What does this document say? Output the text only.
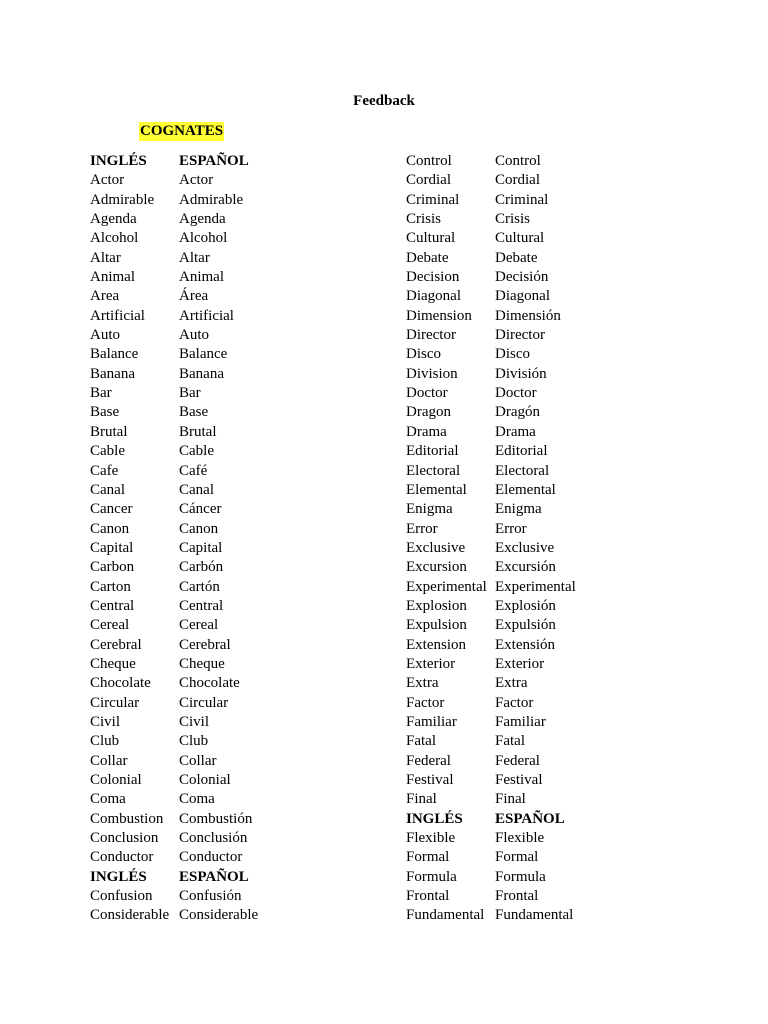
Feedback
COGNATES
INGLÉS	ESPAÑOL
Actor	Actor
Admirable	Admirable
Agenda	Agenda
Alcohol	Alcohol
Altar	Altar
Animal	Animal
Area	Área
Artificial	Artificial
Auto	Auto
Balance	Balance
Banana	Banana
Bar	Bar
Base	Base
Brutal	Brutal
Cable	Cable
Cafe	Café
Canal	Canal
Cancer	Cáncer
Canon	Canon
Capital	Capital
Carbon	Carbón
Carton	Cartón
Central	Central
Cereal	Cereal
Cerebral	Cerebral
Cheque	Cheque
Chocolate	Chocolate
Circular	Circular
Civil	Civil
Club	Club
Collar	Collar
Colonial	Colonial
Coma	Coma
Combustion	Combustión
Conclusion	Conclusión
Conductor	Conductor
INGLÉS	ESPAÑOL
Confusion	Confusión
Considerable Considerable
Control	Control
Cordial	Cordial
Criminal	Criminal
Crisis	Crisis
Cultural	Cultural
Debate	Debate
Decision	Decisión
Diagonal	Diagonal
Dimension	Dimensión
Director	Director
Disco	Disco
Division	División
Doctor	Doctor
Dragon	Dragón
Drama	Drama
Editorial	Editorial
Electoral	Electoral
Elemental	Elemental
Enigma	Enigma
Error	Error
Exclusive	Exclusive
Excursion	Excursión
Experimental Experimental
Explosion	Explosión
Expulsion	Expulsión
Extension	Extensión
Exterior	Exterior
Extra	Extra
Factor	Factor
Familiar	Familiar
Fatal	Fatal
Federal	Federal
Festival	Festival
Final	Final
INGLÉS	ESPAÑOL
Flexible	Flexible
Formal	Formal
Formula	Formula
Frontal	Frontal
Fundamental Fundamental
